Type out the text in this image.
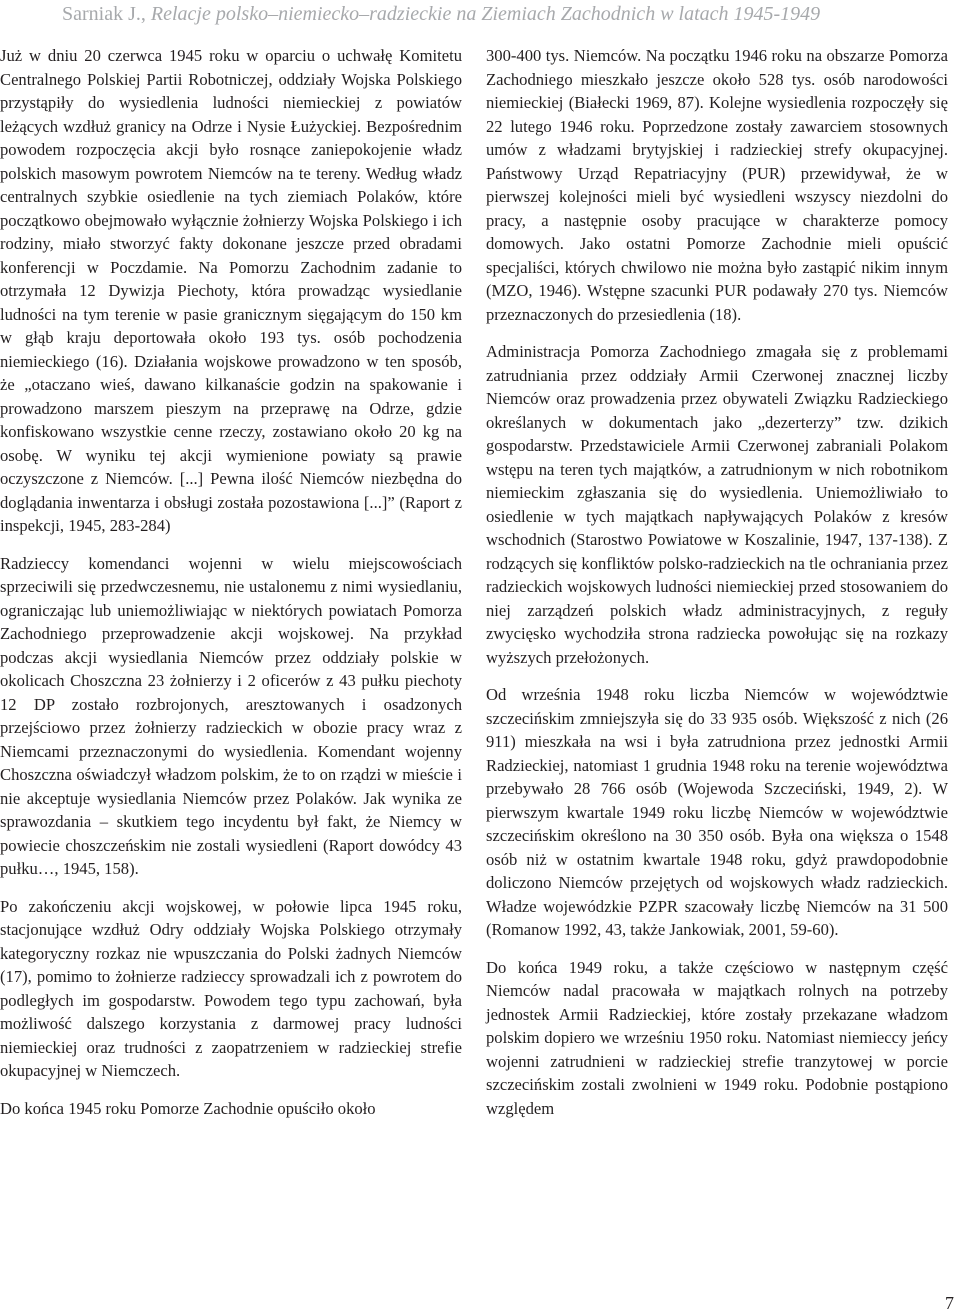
Sarniak J., Relacje polsko–niemiecko–radzieckie na Ziemiach Zachodnich w latach 1945-1949

Już w dniu 20 czerwca 1945 roku w oparciu o uchwałę Komitetu Centralnego Polskiej Partii Robotniczej, oddziały Wojska Polskiego przystąpiły do wysiedlenia ludności niemieckiej z powiatów leżących wzdłuż granicy na Odrze i Nysie Łużyckiej. Bezpośrednim powodem rozpoczęcia akcji było rosnące zaniepokojenie władz polskich masowym powrotem Niemców na te tereny. Według władz centralnych szybkie osiedlenie na tych ziemiach Polaków, które początkowo obejmowało wyłącznie żołnierzy Wojska Polskiego i ich rodziny, miało stworzyć fakty dokonane jeszcze przed obradami konferencji w Poczdamie. Na Pomorzu Zachodnim zadanie to otrzymała 12 Dywizja Piechoty, która prowadząc wysiedlanie ludności na tym terenie w pasie granicznym sięgającym do 150 km w głąb kraju deportowała około 193 tys. osób pochodzenia niemieckiego (16). Działania wojskowe prowadzono w ten sposób, że „otaczano wieś, dawano kilkanaście godzin na spakowanie i prowadzono marszem pieszym na przeprawę na Odrze, gdzie konfiskowano wszystkie cenne rzeczy, zostawiano około 20 kg na osobę. W wyniku tej akcji wymienione powiaty są prawie oczyszczone z Niemców. [...] Pewna ilość Niemców niezbędna do doglądania inwentarza i obsługi została pozostawiona [...]” (Raport z inspekcji, 1945, 283-284)

Radzieccy komendanci wojenni w wielu miejscowościach sprzeciwili się przedwczesnemu, nie ustalonemu z nimi wysiedlaniu, ograniczając lub uniemożliwiając w niektórych powiatach Pomorza Zachodniego przeprowadzenie akcji wojskowej. Na przykład podczas akcji wysiedlania Niemców przez oddziały polskie w okolicach Choszczna 23 żołnierzy i 2 oficerów z 43 pułku piechoty 12 DP zostało rozbrojonych, aresztowanych i osadzonych przejściowo przez żołnierzy radzieckich w obozie pracy wraz z Niemcami przeznaczonymi do wysiedlenia. Komendant wojenny Choszczna oświadczył władzom polskim, że to on rządzi w mieście i nie akceptuje wysiedlania Niemców przez Polaków. Jak wynika ze sprawozdania – skutkiem tego incydentu był fakt, że Niemcy w powiecie choszczeńskim nie zostali wysiedleni (Raport dowódcy 43 pułku…, 1945, 158).

Po zakończeniu akcji wojskowej, w połowie lipca 1945 roku, stacjonujące wzdłuż Odry oddziały Wojska Polskiego otrzymały kategoryczny rozkaz nie wpuszczania do Polski żadnych Niemców (17), pomimo to żołnierze radzieccy sprowadzali ich z powrotem do podległych im gospodarstw. Powodem tego typu zachowań, była możliwość dalszego korzystania z darmowej pracy ludności niemieckiej oraz trudności z zaopatrzeniem w radzieckiej strefie okupacyjnej w Niemczech.

Do końca 1945 roku Pomorze Zachodnie opuściło około

300-400 tys. Niemców. Na początku 1946 roku na obszarze Pomorza Zachodniego mieszkało jeszcze około 528 tys. osób narodowości niemieckiej (Białecki 1969, 87). Kolejne wysiedlenia rozpoczęły się 22 lutego 1946 roku. Poprzedzone zostały zawarciem stosownych umów z władzami brytyjskiej i radzieckiej strefy okupacyjnej. Państwowy Urząd Repatriacyjny (PUR) przewidywał, że w pierwszej kolejności mieli być wysiedleni wszyscy niezdolni do pracy, a następnie osoby pracujące w charakterze pomocy domowych. Jako ostatni Pomorze Zachodnie mieli opuścić specjaliści, których chwilowo nie można było zastąpić nikim innym (MZO, 1946). Wstępne szacunki PUR podawały 270 tys. Niemców przeznaczonych do przesiedlenia (18).

Administracja Pomorza Zachodniego zmagała się z problemami zatrudniania przez oddziały Armii Czerwonej znacznej liczby Niemców oraz prowadzenia przez obywateli Związku Radzieckiego określanych w dokumentach jako „dezerterzy” tzw. dzikich gospodarstw. Przedstawiciele Armii Czerwonej zabraniali Polakom wstępu na teren tych majątków, a zatrudnionym w nich robotnikom niemieckim zgłaszania się do wysiedlenia. Uniemożliwiało to osiedlenie w tych majątkach napływających Polaków z kresów wschodnich (Starostwo Powiatowe w Koszalinie, 1947, 137-138). Z rodzących się konfliktów polsko-radzieckich na tle ochraniania przez radzieckich wojskowych ludności niemieckiej przed stosowaniem do niej zarządzeń polskich władz administracyjnych, z reguły zwycięsko wychodziła strona radziecka powołując się na rozkazy wyższych przełożonych.

Od września 1948 roku liczba Niemców w województwie szczecińskim zmniejszyła się do 33 935 osób. Większość z nich (26 911) mieszkała na wsi i była zatrudniona przez jednostki Armii Radzieckiej, natomiast 1 grudnia 1948 roku na terenie województwa przebywało 28 766 osób (Wojewoda Szczeciński, 1949, 2). W pierwszym kwartale 1949 roku liczbę Niemców w województwie szczecińskim określono na 30 350 osób. Była ona większa o 1548 osób niż w ostatnim kwartale 1948 roku, gdyż prawdopodobnie doliczono Niemców przejętych od wojskowych władz radzieckich. Władze wojewódzkie PZPR szacowały liczbę Niemców na 31 500 (Romanow 1992, 43, także Jankowiak, 2001, 59-60).

Do końca 1949 roku, a także częściowo w następnym część Niemców nadal pracowała w majątkach rolnych na potrzeby jednostek Armii Radzieckiej, które zostały przekazane władzom polskim dopiero we wrześniu 1950 roku. Natomiast niemieccy jeńcy wojenni zatrudnieni w radzieckiej strefie tranzytowej w porcie szczecińskim zostali zwolnieni w 1949 roku. Podobnie postąpiono względem

7
